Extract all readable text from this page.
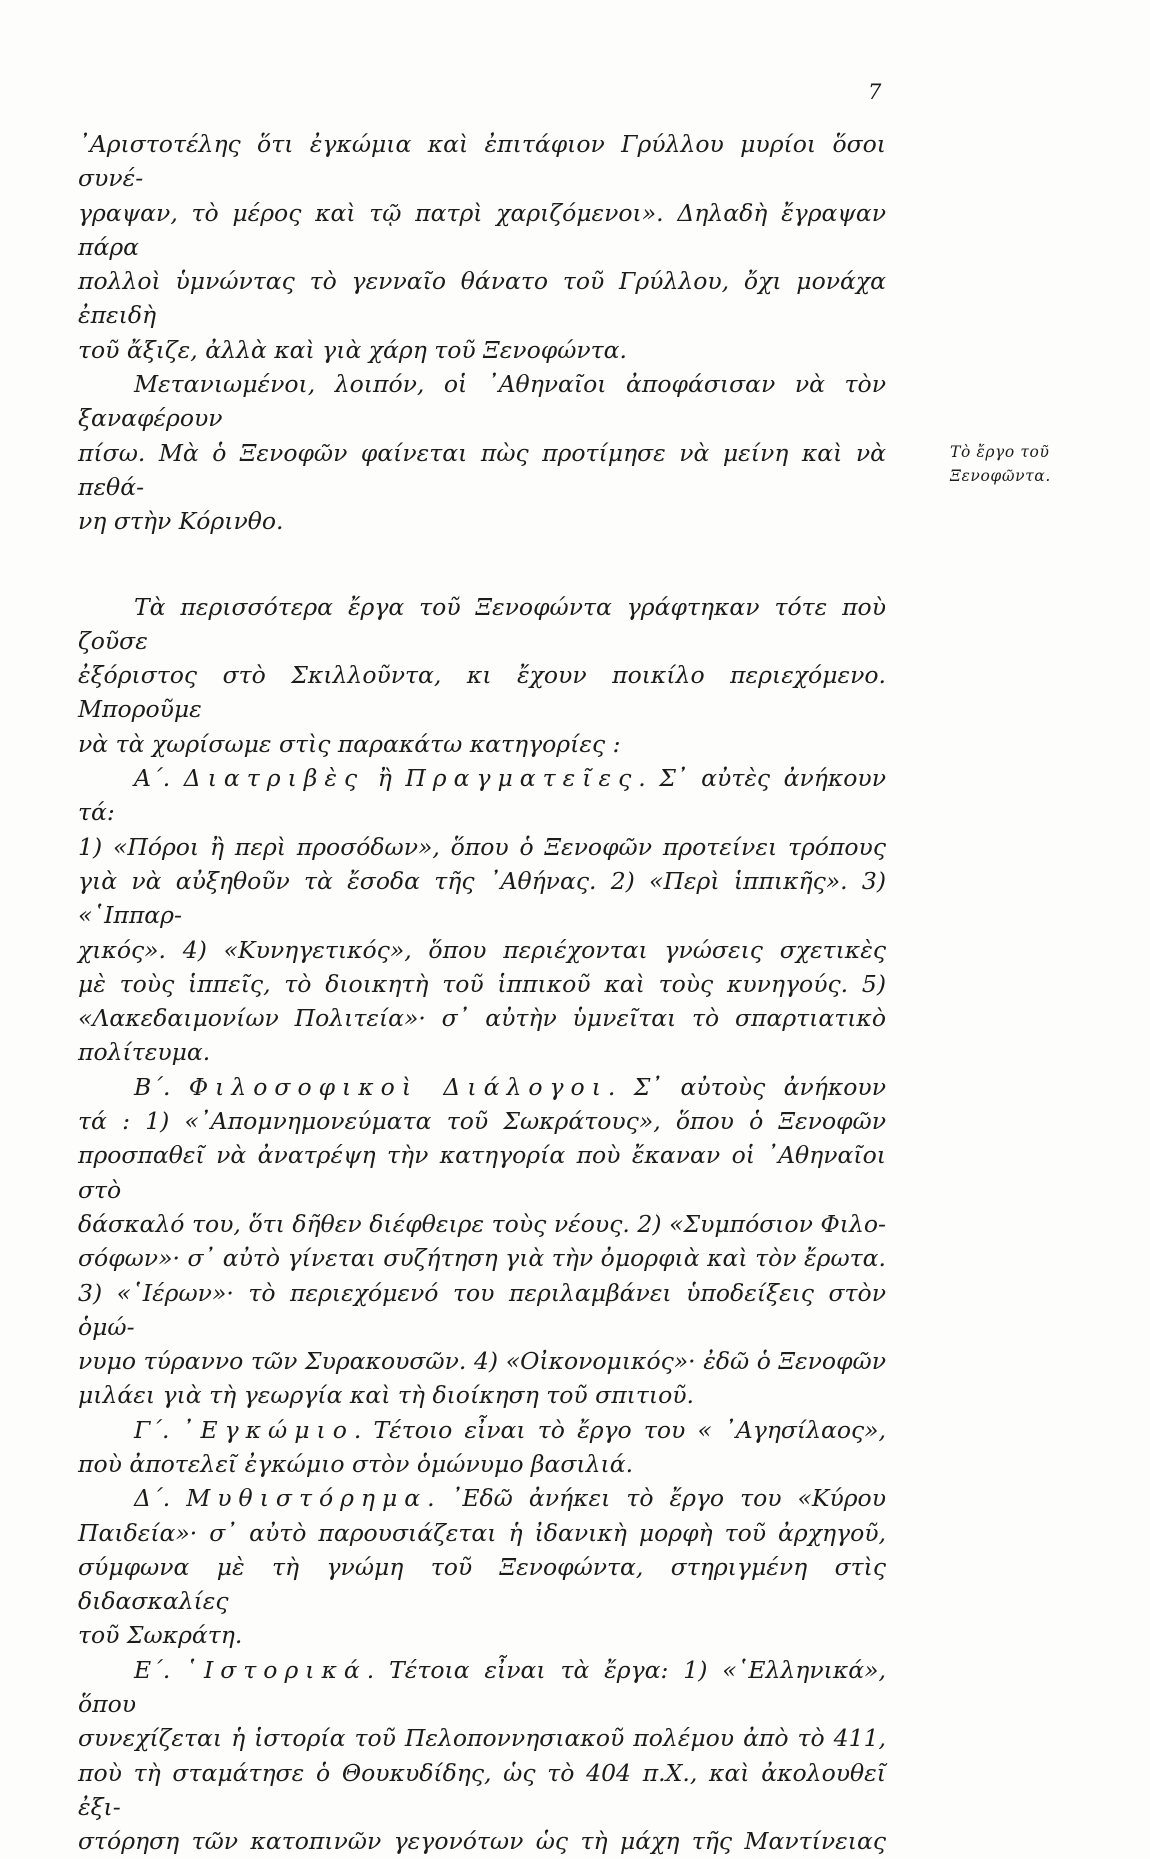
7

᾿Αριστοτέλης ὅτι ἐγκώμια καὶ ἐπιτάφιον Γρύλλου μυρίοι ὅσοι συνέ-

γραψαν, τὸ μέρος καὶ τῷ πατρὶ χαριζόμενοι». Δηλαδὴ ἔγραψαν πάρα

πολλοὶ ὑμνώντας τὸ γενναῖο θάνατο τοῦ Γρύλλου, ὄχι μονάχα ἐπειδὴ

τοῦ ἄξιζε, ἀλλὰ καὶ γιὰ χάρη τοῦ Ξενοφώντα.

Μετανιωμένοι, λοιπόν, οἱ ᾿Αθηναῖοι ἀποφάσισαν νὰ τὸν ξαναφέρουν

πίσω. Μὰ ὁ Ξενοφῶν φαίνεται πὼς προτίμησε νὰ μείνη καὶ νὰ πεθά-

νη στὴν Κόρινθο.

Τὰ περισσότερα ἔργα τοῦ Ξενοφώντα γράφτηκαν τότε ποὺ ζοῦσε

ἐξόριστος στὸ Σκιλλοῦντα, κι ἔχουν ποικίλο περιεχόμενο. Μποροῦμε

νὰ τὰ χωρίσωμε στὶς παρακάτω κατηγορίες :

Α΄. Διατριβὲς ἢ Πραγματεῖες. Σ᾿ αὐτὲς ἀνήκουν τά:

1) «Πόροι ἢ περὶ προσόδων», ὅπου ὁ Ξενοφῶν προτείνει τρόπους

γιὰ νὰ αὐξηθοῦν τὰ ἔσοδα τῆς ᾿Αθήνας. 2) «Περὶ ἱππικῆς». 3) «῾Ιππαρ-

χικός». 4) «Κυνηγετικός», ὅπου περιέχονται γνώσεις σχετικὲς

μὲ τοὺς ἱππεῖς, τὸ διοικητὴ τοῦ ἱππικοῦ καὶ τοὺς κυνηγούς. 5)

«Λακεδαιμονίων Πολιτεία»· σ᾿ αὐτὴν ὑμνεῖται τὸ σπαρτιατικὸ

πολίτευμα.

Β΄. Φιλοσοφικοὶ Διάλογοι. Σ᾿ αὐτοὺς ἀνήκουν

τά : 1) «᾿Απομνημονεύματα τοῦ Σωκράτους», ὅπου ὁ Ξενοφῶν

προσπαθεῖ νὰ ἀνατρέψη τὴν κατηγορία ποὺ ἔκαναν οἱ ᾿Αθηναῖοι στὸ

δάσκαλό του, ὅτι δῆθεν διέφθειρε τοὺς νέους. 2) «Συμπόσιον Φιλο-

σόφων»· σ᾿ αὐτὸ γίνεται συζήτηση γιὰ τὴν ὀμορφιὰ καὶ τὸν ἔρωτα.

3) «῾Ιέρων»· τὸ περιεχόμενό του περιλαμβάνει ὑποδείξεις στὸν ὁμώ-

νυμο τύραννο τῶν Συρακουσῶν. 4) «Οἰκονομικός»· ἐδῶ ὁ Ξενοφῶν

μιλάει γιὰ τὴ γεωργία καὶ τὴ διοίκηση τοῦ σπιτιοῦ.

Γ΄. ᾿Εγκώμιο. Τέτοιο εἶναι τὸ ἔργο του « ᾿Αγησίλαος»,

ποὺ ἀποτελεῖ ἐγκώμιο στὸν ὁμώνυμο βασιλιά.

Δ΄. Μυθιστόρημα. ᾿Εδῶ ἀνήκει τὸ ἔργο του «Κύρου

Παιδεία»· σ᾿ αὐτὸ παρουσιάζεται ἡ ἰδανικὴ μορφὴ τοῦ ἀρχηγοῦ,

σύμφωνα μὲ τὴ γνώμη τοῦ Ξενοφώντα, στηριγμένη στὶς διδασκαλίες

τοῦ Σωκράτη.

Ε΄. ῾Ιστορικά. Τέτοια εἶναι τὰ ἔργα: 1) «῾Ελληνικά», ὅπου

συνεχίζεται ἡ ἱστορία τοῦ Πελοποννησιακοῦ πολέμου ἀπὸ τὸ 411,

ποὺ τὴ σταμάτησε ὁ Θουκυδίδης, ὡς τὸ 404 π.Χ., καὶ ἀκολουθεῖ ἐξι-

στόρηση τῶν κατοπινῶν γεγονότων ὡς τὴ μάχη τῆς Μαντίνειας

Τὸ ἔργο τοῦ
Ξενοφῶντα.
